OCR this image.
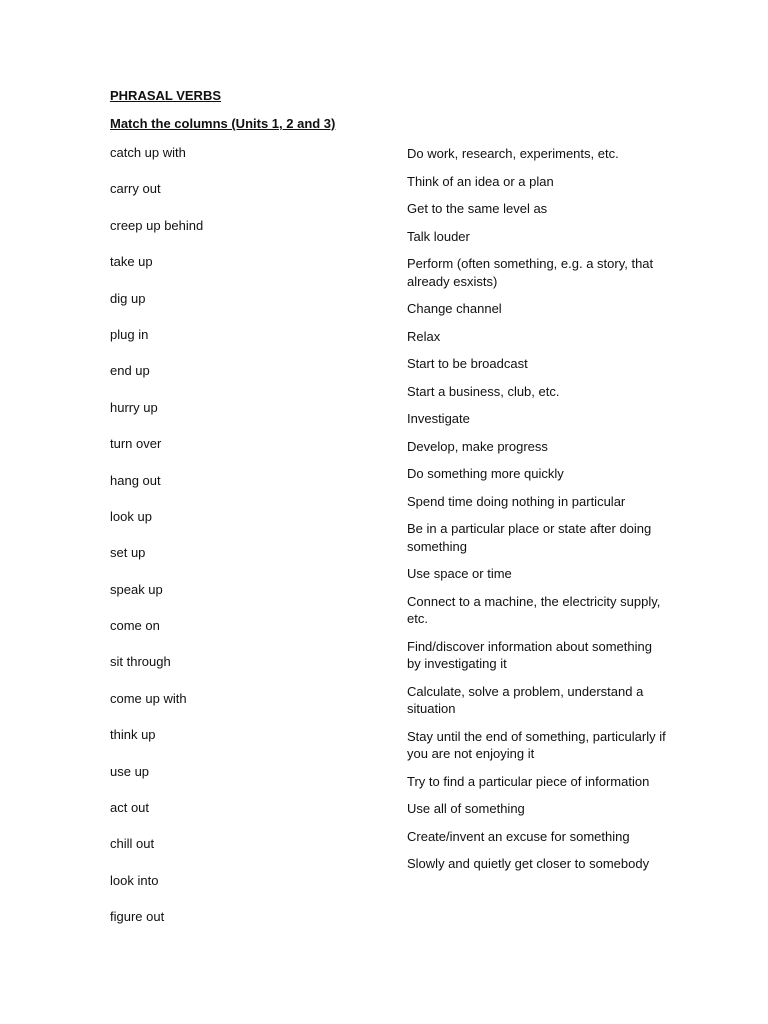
PHRASAL VERBS
Match the columns (Units 1, 2 and 3)
catch up with
carry out
creep up behind
take up
dig up
plug in
end up
hurry up
turn over
hang out
look up
set up
speak up
come on
sit through
come up with
think up
use up
act out
chill out
look into
figure out
Do work, research, experiments, etc.
Think of an idea or a plan
Get to the same level as
Talk louder
Perform (often something, e.g. a story, that already esxists)
Change channel
Relax
Start to be broadcast
Start a business, club, etc.
Investigate
Develop, make progress
Do something more quickly
Spend time doing nothing in particular
Be in a particular place or state after doing something
Use space or time
Connect to a machine, the electricity supply, etc.
Find/discover information about something by investigating it
Calculate, solve a problem, understand a situation
Stay until the end of something, particularly if you are not enjoying it
Try to find a particular piece of information
Use all of something
Create/invent an excuse for something
Slowly and quietly get closer to somebody
